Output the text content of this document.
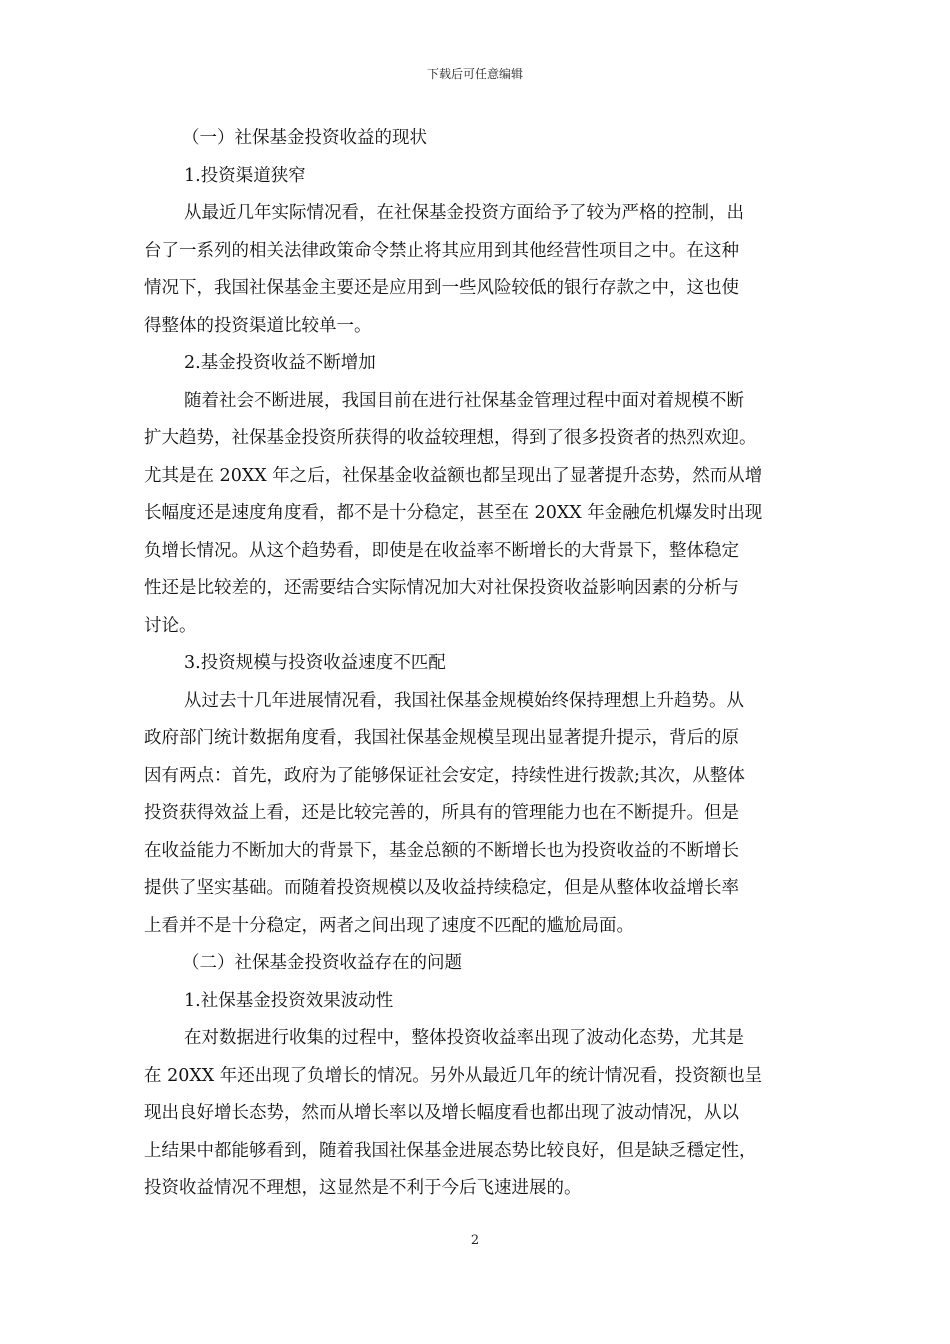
下载后可任意编辑
（一）社保基金投资收益的现状
1.投资渠道狭窄
从最近几年实际情况看，在社保基金投资方面给予了较为严格的控制，出
台了一系列的相关法律政策命令禁止将其应用到其他经营性项目之中。在这种
情况下，我国社保基金主要还是应用到一些风险较低的银行存款之中，这也使
得整体的投资渠道比较单一。
2.基金投资收益不断增加
随着社会不断进展，我国目前在进行社保基金管理过程中面对着规模不断
扩大趋势，社保基金投资所获得的收益较理想，得到了很多投资者的热烈欢迎。
尤其是在 20XX 年之后，社保基金收益额也都呈现出了显著提升态势，然而从增
长幅度还是速度角度看，都不是十分稳定，甚至在 20XX 年金融危机爆发时出现
负增长情况。从这个趋势看，即使是在收益率不断增长的大背景下，整体稳定
性还是比较差的，还需要结合实际情况加大对社保投资收益影响因素的分析与
讨论。
3.投资规模与投资收益速度不匹配
从过去十几年进展情况看，我国社保基金规模始终保持理想上升趋势。从
政府部门统计数据角度看，我国社保基金规模呈现出显著提升提示，背后的原
因有两点：首先，政府为了能够保证社会安定，持续性进行拨款;其次，从整体
投资获得效益上看，还是比较完善的，所具有的管理能力也在不断提升。但是
在收益能力不断加大的背景下，基金总额的不断增长也为投资收益的不断增长
提供了坚实基础。而随着投资规模以及收益持续稳定，但是从整体收益增长率
上看并不是十分稳定，两者之间出现了速度不匹配的尴尬局面。
（二）社保基金投资收益存在的问题
1.社保基金投资效果波动性
在对数据进行收集的过程中，整体投资收益率出现了波动化态势，尤其是
在 20XX 年还出现了负增长的情况。另外从最近几年的统计情况看，投资额也呈
现出良好增长态势，然而从增长率以及增长幅度看也都出现了波动情况，从以
上结果中都能够看到，随着我国社保基金进展态势比较良好，但是缺乏穩定性，
投资收益情况不理想，这显然是不利于今后飞速进展的。
2
